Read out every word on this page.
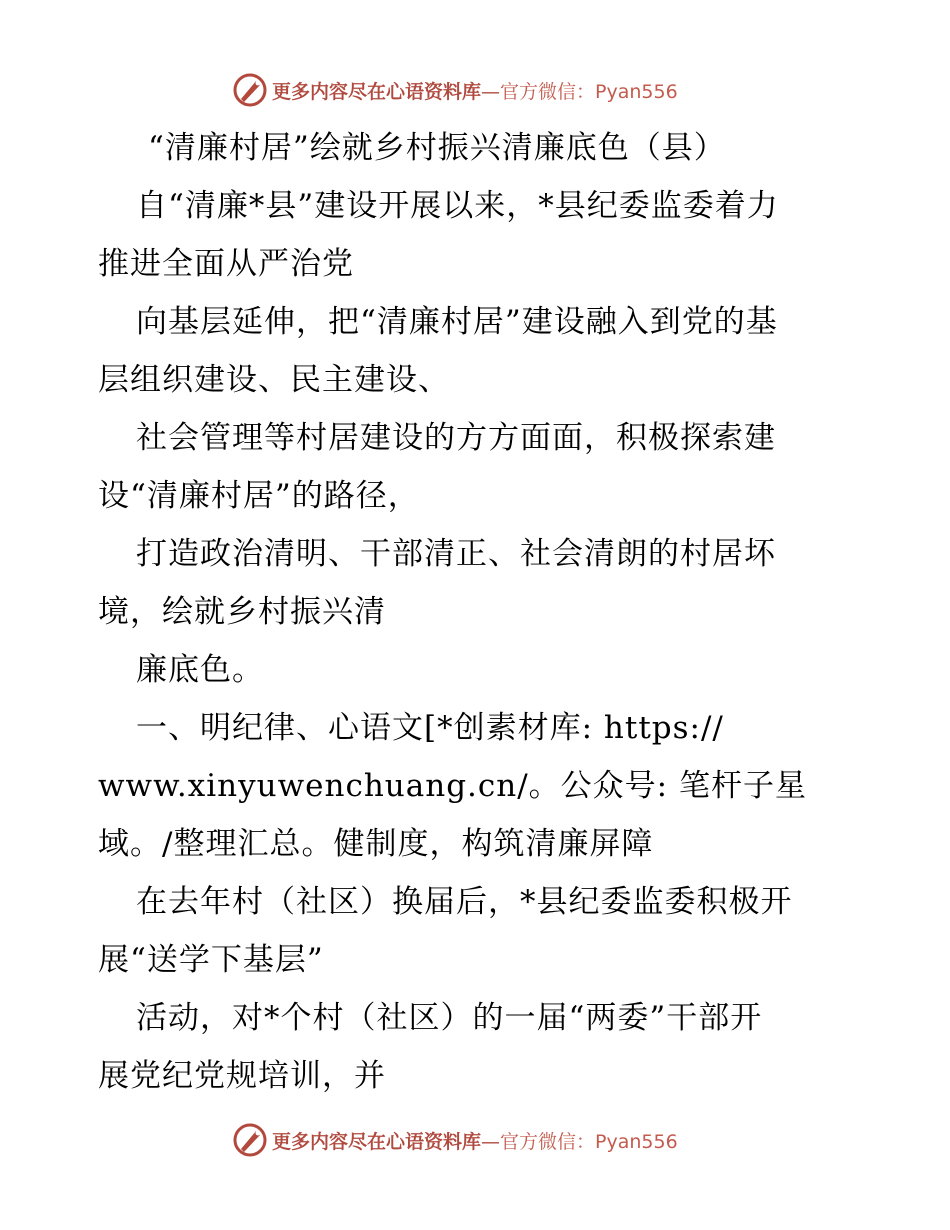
更多内容尽在心语资料库—官方微信：Pyan556
“清廉村居”绘就乡村振兴清廉底色（县）
自“清廉*县”建设开展以来，*县纪委监委着力
推进全面从严治党
向基层延伸，把“清廉村居”建设融入到党的基
层组织建设、民主建设、
社会管理等村居建设的方方面面，积极探索建
设“清廉村居”的路径，
打造政治清明、干部清正、社会清朗的村居坏
境，绘就乡村振兴清
廉底色。
一、明纪律、心语文[*创素材库: https://
www.xinyuwenchuang.cn/。公众号: 笔杆子星
域。/整理汇总。健制度，构筑清廉屏障
在去年村（社区）换届后，*县纪委监委积极开
展“送学下基层”
活动，对*个村（社区）的一届“两委”干部开
展党纪党规培训，并
更多内容尽在心语资料库—官方微信：Pyan556
